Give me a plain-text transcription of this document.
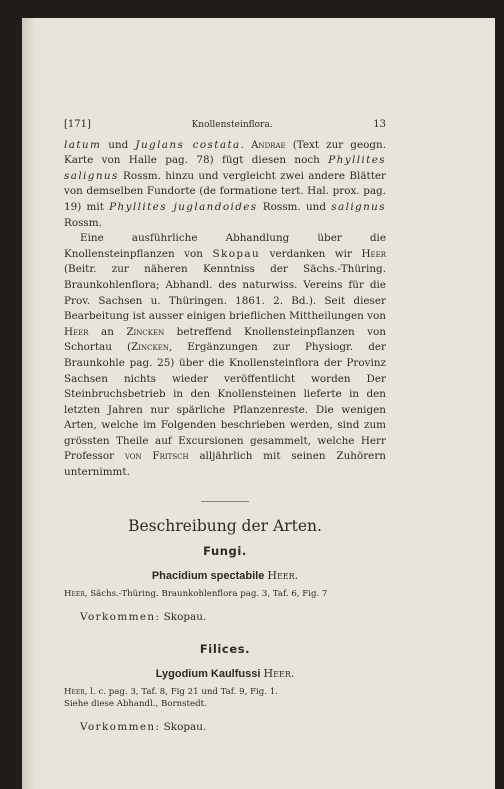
[171]	Knollensteinflora.	13

latum und Juglans costata. Andrae (Text zur geogn. Karte von Halle pag. 78) fügt diesen noch Phyllites salignus Rossm. hinzu und vergleicht zwei andere Blätter von demselben Fundorte (de formatione tert. Hal. prox. pag. 19) mit Phyllites juglandoides Rossm. und salignus Rossm.

Eine ausführliche Abhandlung über die Knollensteinpflanzen von Skopau verdanken wir Heer (Beitr. zur näheren Kenntniss der Sächs.-Thüring. Braunkohlenflora; Abhandl. des naturwiss. Vereins für die Prov. Sachsen u. Thüringen. 1861. 2. Bd.). Seit dieser Bearbeitung ist ausser einigen brieflichen Mittheilungen von Heer an Zincken betreffend Knollensteinpflanzen von Schortau (Zincken, Ergänzungen zur Physiogr. der Braunkohle pag. 25) über die Knollensteinflora der Provinz Sachsen nichts wieder veröffentlicht worden Der Steinbruchsbetrieb in den Knollensteinen lieferte in den letzten Jahren nur spärliche Pflanzenreste. Die wenigen Arten, welche im Folgenden beschrieben werden, sind zum grössten Theile auf Excursionen gesammelt, welche Herr Professor von Fritsch alljährlich mit seinen Zuhörern unternimmt.

Beschreibung der Arten.
Fungi.
Phacidium spectabile Heer.

Heer, Sächs.-Thüring. Braunkohlenflora pag. 3, Taf. 6, Fig. 7

Vorkommen: Skopau.

Filices.
Lygodium Kaulfussi Heer.

Heer, l. c. pag. 3, Taf. 8, Fig 21 und Taf. 9, Fig. 1.

Siehe diese Abhandl., Bornstedt.

Vorkommen: Skopau.
